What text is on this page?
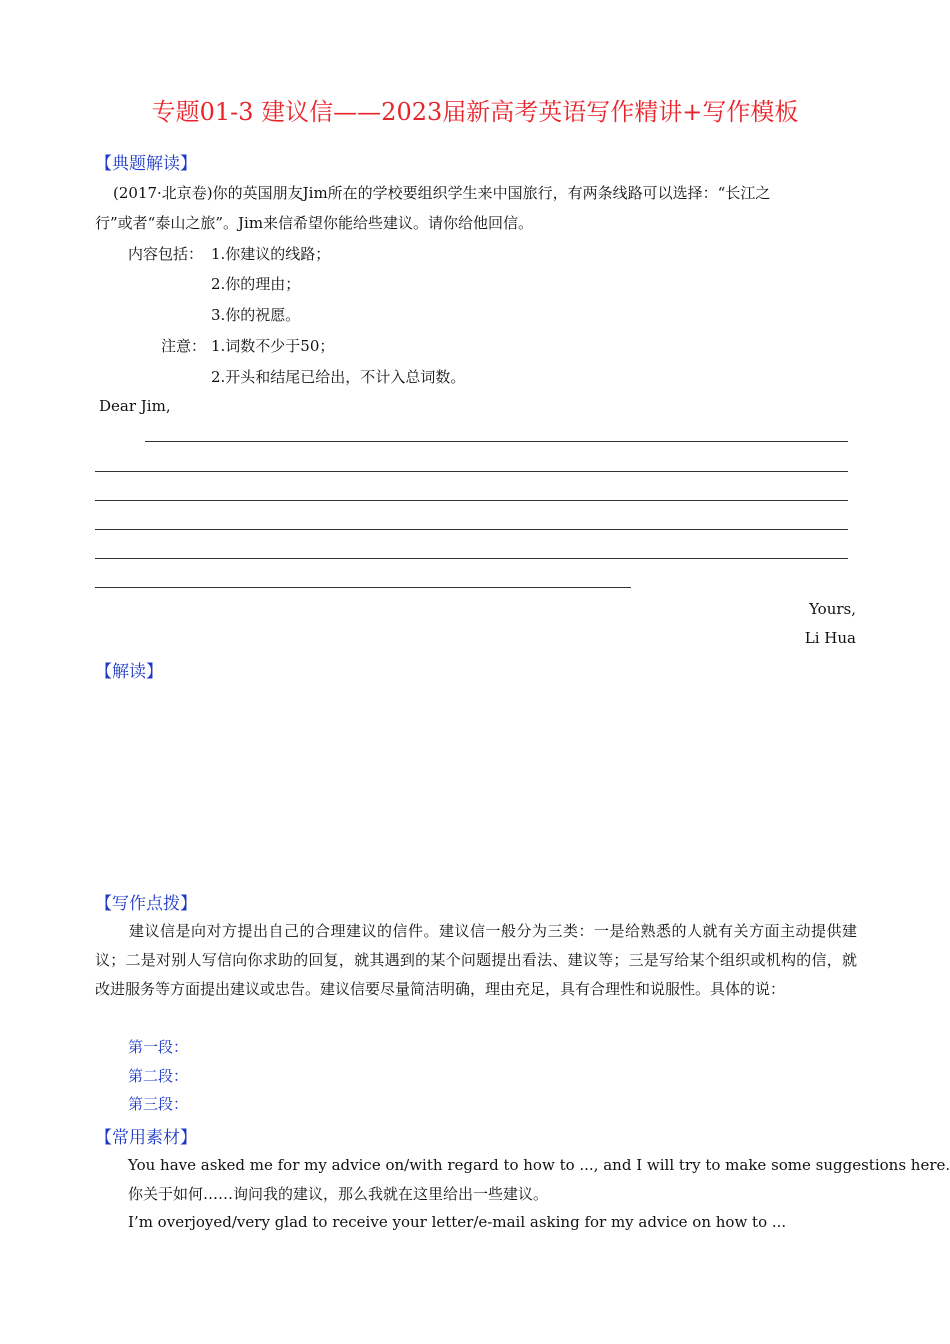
专题01-3 建议信——2023届新高考英语写作精讲+写作模板
【典题解读】
(2017·北京卷)你的英国朋友Jim所在的学校要组织学生来中国旅行，有两条线路可以选择：“长江之
行”或者“泰山之旅”。Jim来信希望你能给些建议。请你给他回信。
内容包括： 1.你建议的线路；
2.你的理由；
3.你的祝愿。
注意： 1.词数不少于50；
2.开头和结尾已给出，不计入总词数。
Dear Jim,
Yours,
Li Hua
【解读】
【写作点拨】
建议信是向对方提出自己的合理建议的信件。建议信一般分为三类：一是给熟悉的人就有关方面主动提供建议；二是对别人写信向你求助的回复，就其遇到的某个问题提出看法、建议等；三是写给某个组织或机构的信，就改进服务等方面提出建议或忠告。建议信要尽量简洁明确，理由充足，具有合理性和说服性。具体的说：
第一段：
第二段：
第三段：
【常用素材】
You have asked me for my advice on/with regard to how to ..., and I will try to make some suggestions here.
你关于如何……询问我的建议，那么我就在这里给出一些建议。
I’m overjoyed/very glad to receive your letter/e-mail asking for my advice on how to ...
